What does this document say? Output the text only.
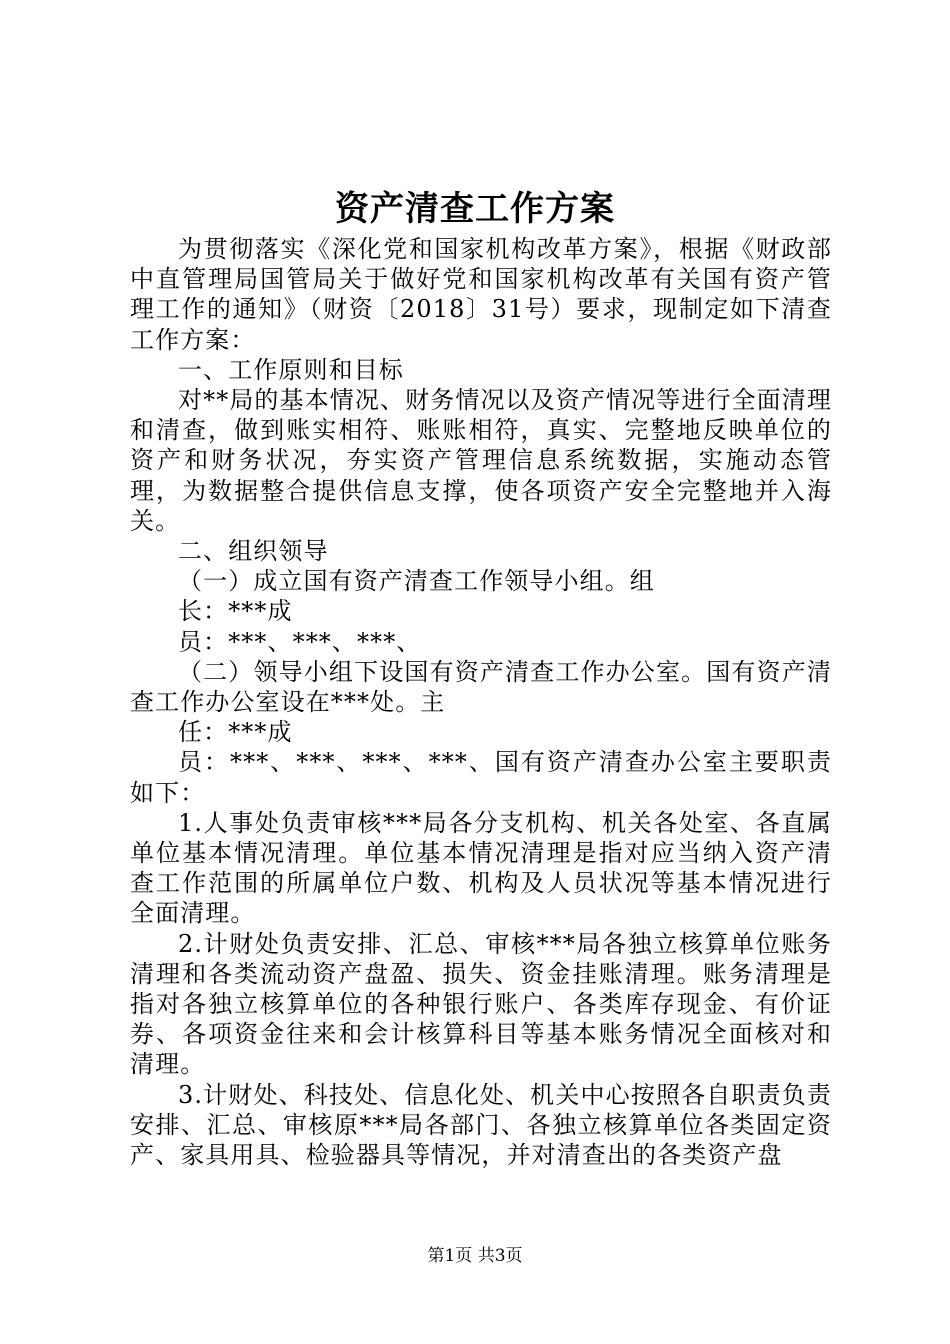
资产清查工作方案

为贯彻落实《深化党和国家机构改革方案》，根据《财政部中直管理局国管局关于做好党和国家机构改革有关国有资产管理工作的通知》（财资〔2018〕31号）要求，现制定如下清查工作方案：

一、工作原则和目标

对**局的基本情况、财务情况以及资产情况等进行全面清理和清查，做到账实相符、账账相符，真实、完整地反映单位的资产和财务状况，夯实资产管理信息系统数据，实施动态管理，为数据整合提供信息支撑，使各项资产安全完整地并入海关。

二、组织领导

（一）成立国有资产清查工作领导小组。组

长：***成

员：***、***、***、

（二）领导小组下设国有资产清查工作办公室。国有资产清查工作办公室设在***处。主

任：***成

员：***、***、***、***、国有资产清查办公室主要职责如下：

1.人事处负责审核***局各分支机构、机关各处室、各直属单位基本情况清理。单位基本情况清理是指对应当纳入资产清查工作范围的所属单位户数、机构及人员状况等基本情况进行全面清理。

2.计财处负责安排、汇总、审核***局各独立核算单位账务清理和各类流动资产盘盈、损失、资金挂账清理。账务清理是指对各独立核算单位的各种银行账户、各类库存现金、有价证券、各项资金往来和会计核算科目等基本账务情况全面核对和清理。

3.计财处、科技处、信息化处、机关中心按照各自职责负责安排、汇总、审核原***局各部门、各独立核算单位各类固定资产、家具用具、检验器具等情况，并对清查出的各类资产盘

第1页 共3页
